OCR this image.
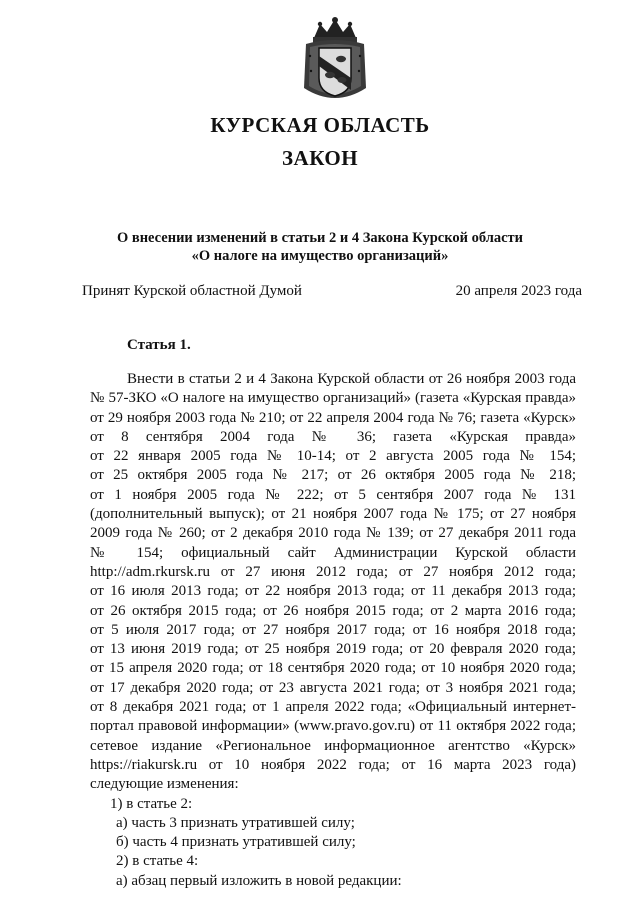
КУРСКАЯ ОБЛАСТЬ
ЗАКОН
О внесении изменений в статьи 2 и 4 Закона Курской области
«О налоге на имущество организаций»
Принят Курской областной Думой	20 апреля 2023 года
Статья 1.
Внести в статьи 2 и 4 Закона Курской области от 26 ноября 2003 года
№ 57-ЗКО «О налоге на имущество организаций» (газета «Курская правда»
от 29 ноября 2003 года № 210; от 22 апреля 2004 года № 76; газета «Курск»
от 8 сентября 2004 года № 36; газета «Курская правда»
от 22 января 2005 года № 10-14; от 2 августа 2005 года № 154;
от 25 октября 2005 года № 217; от 26 октября 2005 года № 218;
от 1 ноября 2005 года № 222; от 5 сентября 2007 года № 131
(дополнительный выпуск); от 21 ноября 2007 года № 175; от 27 ноября
2009 года № 260; от 2 декабря 2010 года № 139; от 27 декабря 2011 года
№ 154; официальный сайт Администрации Курской области
http://adm.rkursk.ru от 27 июня 2012 года; от 27 ноября 2012 года;
от 16 июля 2013 года; от 22 ноября 2013 года; от 11 декабря 2013 года;
от 26 октября 2015 года; от 26 ноября 2015 года; от 2 марта 2016 года;
от 5 июля 2017 года; от 27 ноября 2017 года; от 16 ноября 2018 года;
от 13 июня 2019 года; от 25 ноября 2019 года; от 20 февраля 2020 года;
от 15 апреля 2020 года; от 18 сентября 2020 года; от 10 ноября 2020 года;
от 17 декабря 2020 года; от 23 августа 2021 года; от 3 ноября 2021 года;
от 8 декабря 2021 года; от 1 апреля 2022 года; «Официальный интернет-
портал правовой информации» (www.pravo.gov.ru) от 11 октября 2022 года;
сетевое издание «Региональное информационное агентство «Курск»
https://riakursk.ru от 10 ноября 2022 года; от 16 марта 2023 года)
следующие изменения:
1) в статье 2:
а) часть 3 признать утратившей силу;
б) часть 4 признать утратившей силу;
2) в статье 4:
а) абзац первый изложить в новой редакции:
